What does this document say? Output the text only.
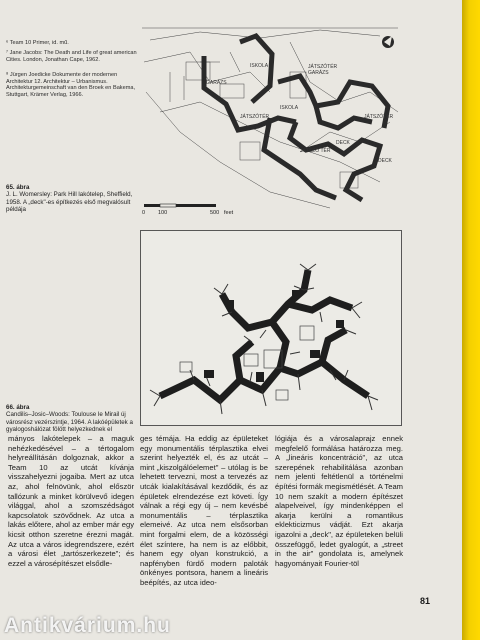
⁶ Team 10 Primer, id. mű.
⁷ Jane Jacobs: The Death and Life of great american Cities. London, Jonathan Cape, 1962.
⁸ Jürgen Joedicke Dokumente der modernen Architektur 12. Architektur – Urbanismus. Architekturgemeinschaft van den Broek en Bakema, Stuttgart, Krämer Verlag, 1966.
ISKOLA
GARÁZS
ISKOLA
JÁTSZÓTÉR
GARÁZS
JÁTSZÓTÉR	JÁTSZÓTÉR
DECK
JÁTSZÓ TÉR
DECK
0 100	500 feet
65. ábra
J. L. Womersley: Park Hill lakótelep, Sheffield, 1958. A „deck"-es építkezés első megvalósult példája
66. ábra
Candilis–Josic–Woods: Toulouse le Mirail új városrész vezérszintje, 1964. A lakóépületek a gyalogoshálózat fölött helyezkednek el

mányos lakótelepek – a maguk nehézkedésével – a tértogalom helyreállításán dolgoznak, akkor a Team 10 az utcát kívánja visszahelyezni jogaiba. Mert az utca az, ahol felnövünk, ahol először tallózunk a minket körülvevő idegen világgal, ahol a szomszédságot kapcsolatok szövődnek. Az utca a lakás előtere, ahol az ember már egy kicsit otthon szeretne érezni magát. Az utca a város idegrendszere, ezért a városi élet „tartószerkezete"; és ezzel a városépítészet elsődle-

ges témája. Ha eddig az épületeket egy monumentális térplasztika elvei szerint helyezték el, és az utcát – mint „kiszolgálóelemet" – utólag is be lehetett tervezni, most a tervezés az utcák kialakításával kezdődik, és az épületek elrendezése ezt követi. Így válnak a régi egy új – nem kevésbé monumentális – térplasztika elemeivé. Az utca nem elsősorban mint forgalmi elem, de a közösségi élet színtere, ha nem is az előbbit, hanem egy olyan konstrukció, a napfényben fürdő modern paloták önkényes pontsora, hanem a lineáris beépítés, az utca ideo-

lógiája és a városalaprajz ennek megfelelő formálása határozza meg. A „lineáris koncentráció", az utca szerepének rehabilitálása azonban nem jelenti feltétlenül a történelmi építési formák megismétlését. A Team 10 nem szakít a modern építészet alapelveivel, így mindenképpen el akarja kerülni a romantikus eklekticizmus vádját. Ezt akarja igazolni a „deck", az épületeken belüli összefüggő, ledet gyalogút, a „street in the air" gondolata is, amelynek hagyományait Fourier-töl

81
Antikvárium.hu
